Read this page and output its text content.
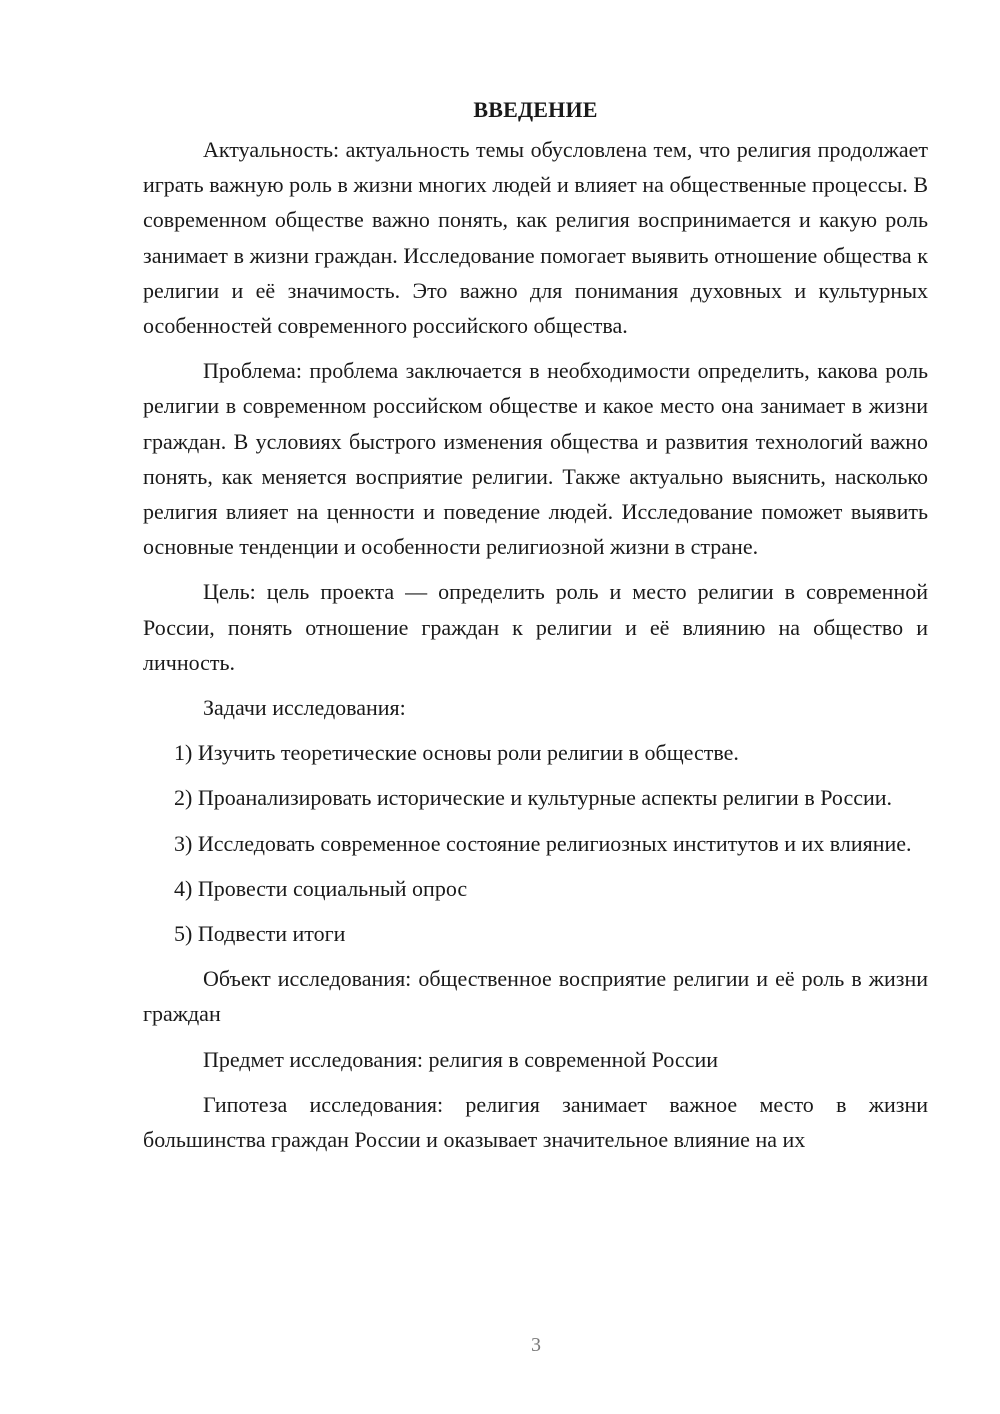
ВВЕДЕНИЕ

Актуальность: актуальность темы обусловлена тем, что религия продолжает играть важную роль в жизни многих людей и влияет на общественные процессы. В современном обществе важно понять, как религия воспринимается и какую роль занимает в жизни граждан. Исследование помогает выявить отношение общества к религии и её значимость. Это важно для понимания духовных и культурных особенностей современного российского общества.

Проблема: проблема заключается в необходимости определить, какова роль религии в современном российском обществе и какое место она занимает в жизни граждан. В условиях быстрого изменения общества и развития технологий важно понять, как меняется восприятие религии. Также актуально выяснить, насколько религия влияет на ценности и поведение людей. Исследование поможет выявить основные тенденции и особенности религиозной жизни в стране.

Цель: цель проекта — определить роль и место религии в современной России, понять отношение граждан к религии и её влиянию на общество и личность.

Задачи исследования:

1) Изучить теоретические основы роли религии в обществе.

2) Проанализировать исторические и культурные аспекты религии в России.

3) Исследовать современное состояние религиозных институтов и их влияние.

4) Провести социальный опрос

5) Подвести итоги

Объект исследования: общественное восприятие религии и её роль в жизни граждан

Предмет исследования: религия в современной России

Гипотеза исследования: религия занимает важное место в жизни большинства граждан России и оказывает значительное влияние на их

3
